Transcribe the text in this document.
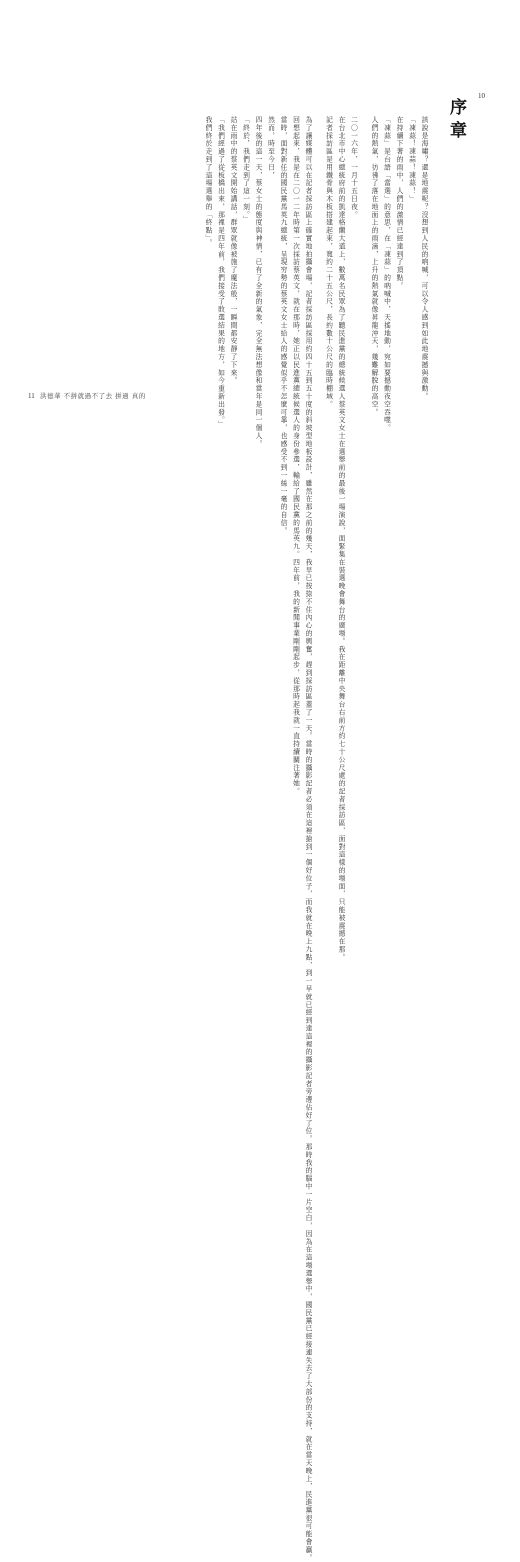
10
序章
該說是海嘯？還是地震呢？沒想到人民的吶喊，可以令人感到如此地震撼與激動。
「凍蒜！凍蒜！凍蒜！」
在持續下著的雨中，人們的激情已經達到了頂點。
「凍蒜」是台語「當選」的意思，在「凍蒜」的吶喊中，天搖地動，宛如要撼動夜空吞噬。
人們的熱氣，彷彿了落在地面上的雨滴，上升的熱氣就像昇龍沖天，幾難解脫的高空。
二〇一六年，一月十五日夜。
在台北市中心總統府前的凱達格蘭大道上，數萬名民眾為了聽民進黨的總統候選人蔡英文女士在選舉前的最後一場演說，面緊集在裝選晚會舞台的廣場。我在距離中央舞台右前方約七十公尺處的記者採訪區，面對這樣的場面，只能被震撼在那。
記者採訪區是用鐵骨與木板搭建起來，寬約二十五公尺，長約數十公尺的臨時棚域。
為了讓媒體可以在記者採訪區上確實地拍攝會場，記者採訪區採用約四十五到五十度的斜坡型地板設計，雖然在那之前的幾天，我早已按捺不住內心的興奮，趕到採訪區蓋了一天。當時的攝影記者必須在這裡搶到一個好位子，而我就在晚上九點，到一早就已經到達這裡的攝影記者旁邊佔好了位。那時我的腦中一片空白，因為在這場選舉中，國民黨已經接連失去了大部份的支持，就在當天晚上，民進黨很可能會贏。
回想起來，我是在二〇一二年時第一次採訪蔡英文，就在那時，她正以民進黨總統候選人的身份參選，輸給了國民黨的馬英九。四年前，我的新聞事業剛剛起步，從那時起我就一直持續關注著她。
當時，面對新任的國民黨馬英九總統，呈現穷勢的蔡英文女士給人的感覺似乎不怎麼可靠，也感受不到一絲一毫的自信。
然而，時至今日，
四年後的這一天，蔡女士的態度與神情，已有了全新的氣象，完全無法想像和當年是同一個人。
「終於，我們走到了這一刻。」
站在雨中的蔡英文開始講話，群眾就像被施了魔法般，一瞬間都安靜了下來。
「我們經過了從板橋出來，那裡是四年前，我們接受了敗選結果的地方，如今重新出發。」
我們終於走到了這場選舉的「終點」。
11 洪德華 不拼就過不了去 拼過 真的
